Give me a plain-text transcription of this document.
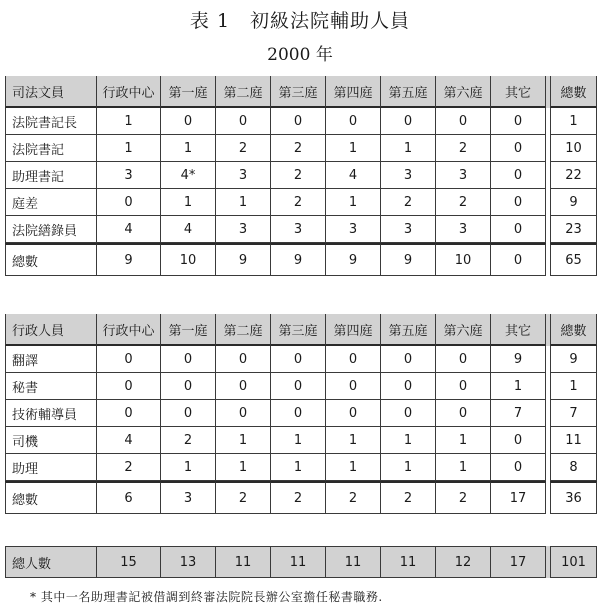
表 1　初級法院輔助人員
2000 年
司法文員	行政中心	第一庭	第二庭	第三庭	第四庭	第五庭	第六庭	其它		總數
法院書記長	1	0	0	0	0	0	0	0		1
法院書記	1	1	2	2	1	1	2	0		10
助理書記	3	4*	3	2	4	3	3	0		22
庭差	0	1	1	2	1	2	2	0		9
法院繕錄員	4	4	3	3	3	3	3	0		23
總數	9	10	9	9	9	9	10	0		65
行政人員	行政中心	第一庭	第二庭	第三庭	第四庭	第五庭	第六庭	其它		總數
翻譯	0	0	0	0	0	0	0	9		9
秘書	0	0	0	0	0	0	0	1		1
技術輔導員	0	0	0	0	0	0	0	7		7
司機	4	2	1	1	1	1	1	0		11
助理	2	1	1	1	1	1	1	0		8
總數	6	3	2	2	2	2	2	17		36
總人數	15	13	11	11	11	11	12	17		101
* 其中一名助理書記被借調到終審法院院長辦公室擔任秘書職務.
